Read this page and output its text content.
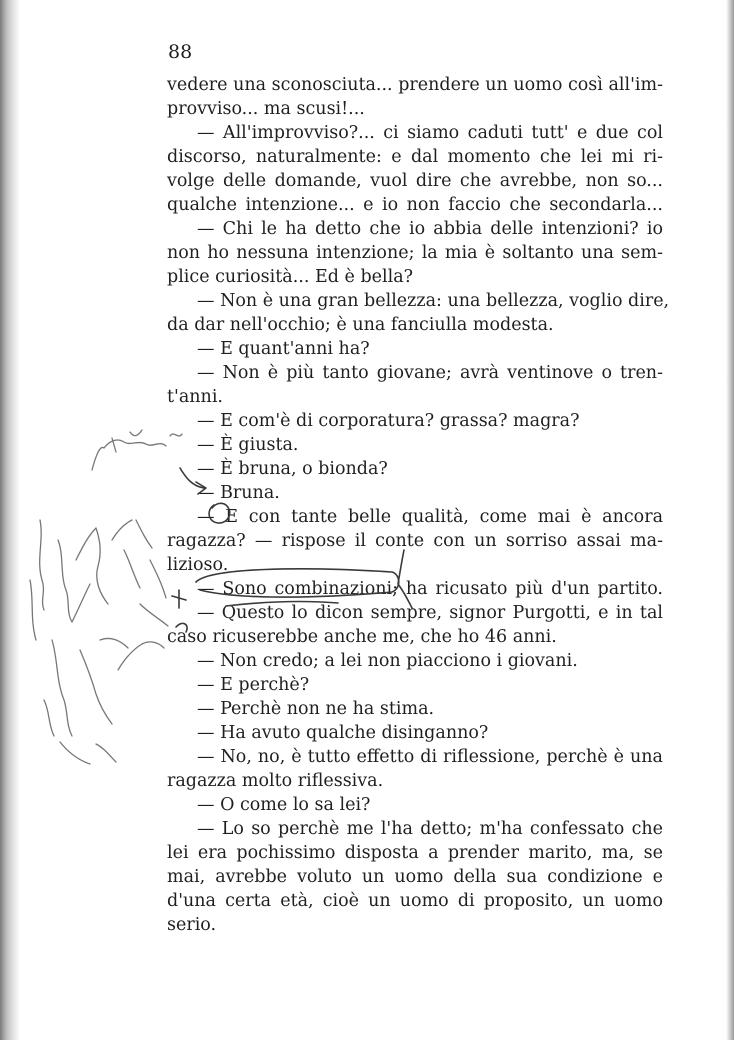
88
vedere una sconosciuta... prendere un uomo così all'im-
provviso... ma scusi!...
— All'improvviso?... ci siamo caduti tutt' e due col
discorso, naturalmente: e dal momento che lei mi ri-
volge delle domande, vuol dire che avrebbe, non so...
qualche intenzione... e io non faccio che secondarla...
— Chi le ha detto che io abbia delle intenzioni? io
non ho nessuna intenzione; la mia è soltanto una sem-
plice curiosità... Ed è bella?
— Non è una gran bellezza: una bellezza, voglio dire,
da dar nell'occhio; è una fanciulla modesta.
— E quant'anni ha?
— Non è più tanto giovane; avrà ventinove o tren-
t'anni.
— E com'è di corporatura? grassa? magra?
— È giusta.
— È bruna, o bionda?
— Bruna.
— E con tante belle qualità, come mai è ancora
ragazza? — rispose il conte con un sorriso assai ma-
lizioso.
— Sono combinazioni; ha ricusato più d'un partito.
— Questo lo dicon sempre, signor Purgotti, e in tal
caso ricuserebbe anche me, che ho 46 anni.
— Non credo; a lei non piacciono i giovani.
— E perchè?
— Perchè non ne ha stima.
— Ha avuto qualche disinganno?
— No, no, è tutto effetto di riflessione, perchè è una
ragazza molto riflessiva.
— O come lo sa lei?
— Lo so perchè me l'ha detto; m'ha confessato che
lei era pochissimo disposta a prender marito, ma, se
mai, avrebbe voluto un uomo della sua condizione e
d'una certa età, cioè un uomo di proposito, un uomo
serio.
